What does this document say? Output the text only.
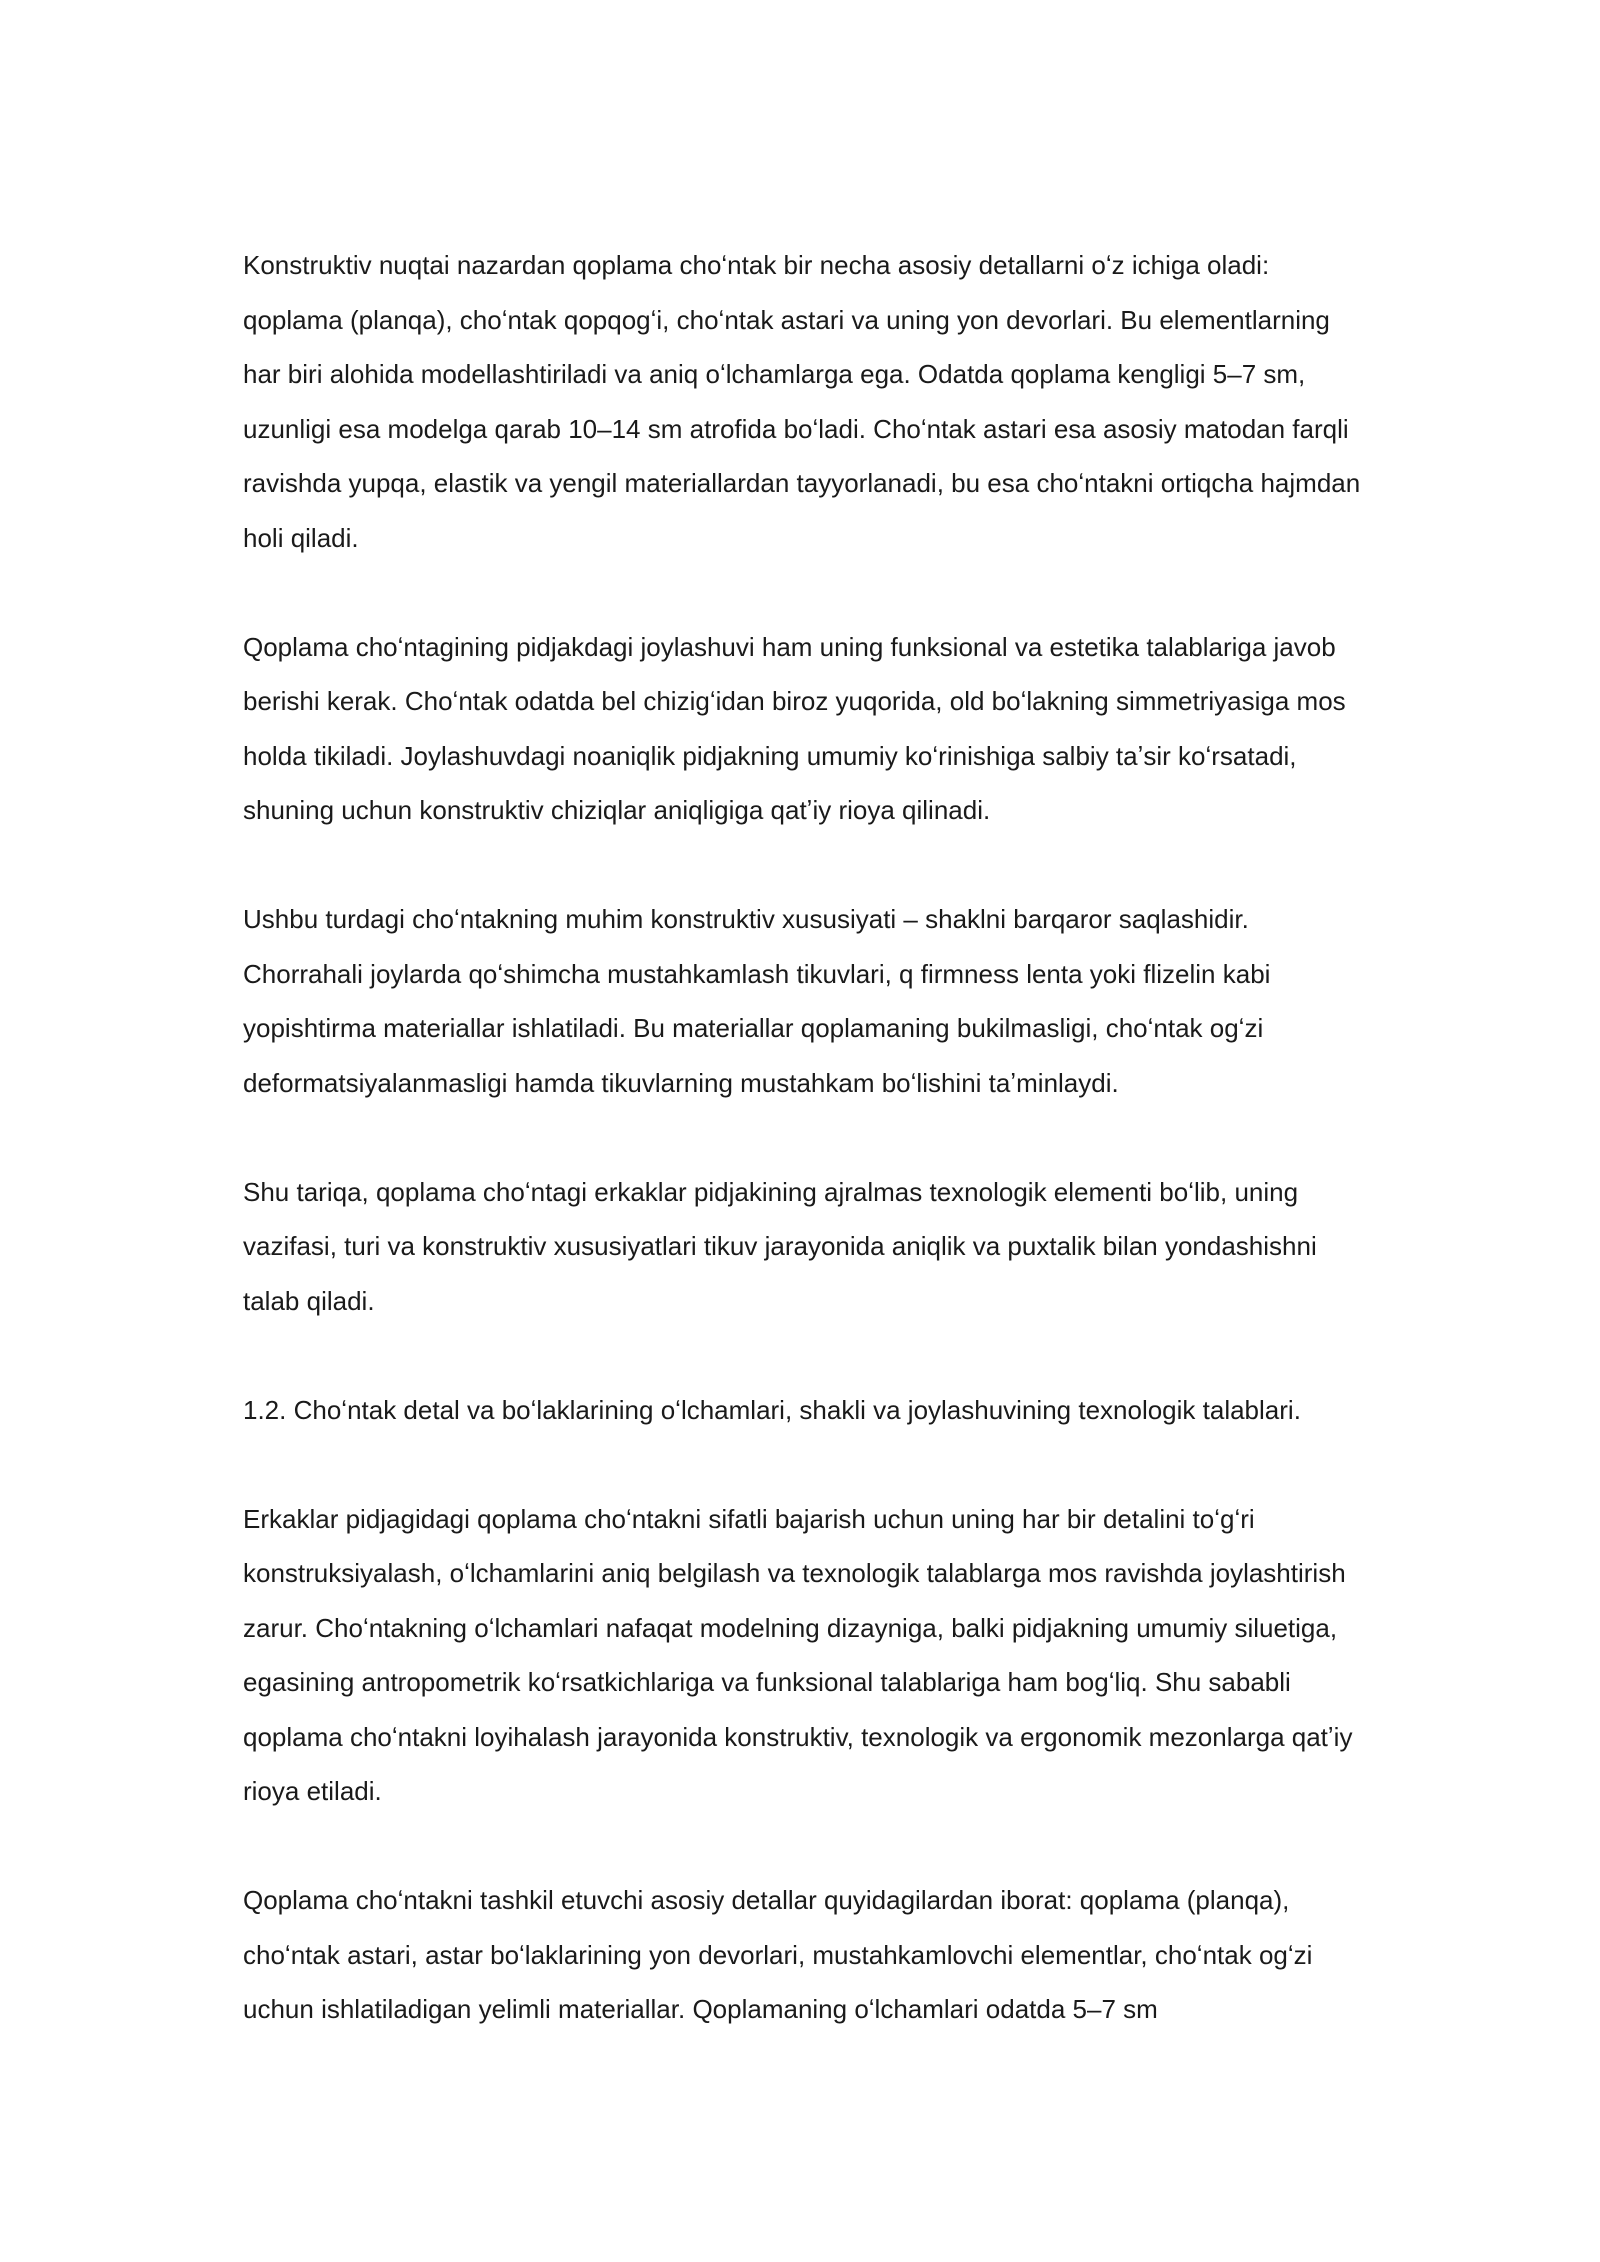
Konstruktiv nuqtai nazardan qoplama choʻntak bir necha asosiy detallarni oʻz ichiga oladi: qoplama (planqa), choʻntak qopqogʻi, choʻntak astari va uning yon devorlari. Bu elementlarning har biri alohida modellashtiriladi va aniq oʻlchamlarga ega. Odatda qoplama kengligi 5–7 sm, uzunligi esa modelga qarab 10–14 sm atrofida boʻladi. Choʻntak astari esa asosiy matodan farqli ravishda yupqa, elastik va yengil materiallardan tayyorlanadi, bu esa choʻntakni ortiqcha hajmdan holi qiladi.

Qoplama choʻntagining pidjakdagi joylashuvi ham uning funksional va estetika talablariga javob berishi kerak. Choʻntak odatda bel chizigʻidan biroz yuqorida, old boʻlakning simmetriyasiga mos holda tikiladi. Joylashuvdagi noaniqlik pidjakning umumiy koʻrinishiga salbiy taʼsir koʻrsatadi, shuning uchun konstruktiv chiziqlar aniqligiga qatʼiy rioya qilinadi.

Ushbu turdagi choʻntakning muhim konstruktiv xususiyati – shaklni barqaror saqlashidir. Chorrahali joylarda qoʻshimcha mustahkamlash tikuvlari, q firmness lenta yoki flizelin kabi yopishtirma materiallar ishlatiladi. Bu materiallar qoplamaning bukilmasligi, choʻntak ogʻzi deformatsiyalanmasligi hamda tikuvlarning mustahkam boʻlishini taʼminlaydi.

Shu tariqa, qoplama choʻntagi erkaklar pidjakining ajralmas texnologik elementi boʻlib, uning vazifasi, turi va konstruktiv xususiyatlari tikuv jarayonida aniqlik va puxtalik bilan yondashishni talab qiladi.

1.2. Choʻntak detal va boʻlaklarining oʻlchamlari, shakli va joylashuvining texnologik talablari.

Erkaklar pidjagidagi qoplama choʻntakni sifatli bajarish uchun uning har bir detalini toʻgʻri konstruksiyalash, oʻlchamlarini aniq belgilash va texnologik talablarga mos ravishda joylashtirish zarur. Choʻntakning oʻlchamlari nafaqat modelning dizayniga, balki pidjakning umumiy siluetiga, egasining antropometrik koʻrsatkichlariga va funksional talablariga ham bogʻliq. Shu sababli qoplama choʻntakni loyihalash jarayonida konstruktiv, texnologik va ergonomik mezonlarga qatʼiy rioya etiladi.

Qoplama choʻntakni tashkil etuvchi asosiy detallar quyidagilardan iborat: qoplama (planqa), choʻntak astari, astar boʻlaklarining yon devorlari, mustahkamlovchi elementlar, choʻntak ogʻzi uchun ishlatiladigan yelimli materiallar. Qoplamaning oʻlchamlari odatda 5–7 sm
